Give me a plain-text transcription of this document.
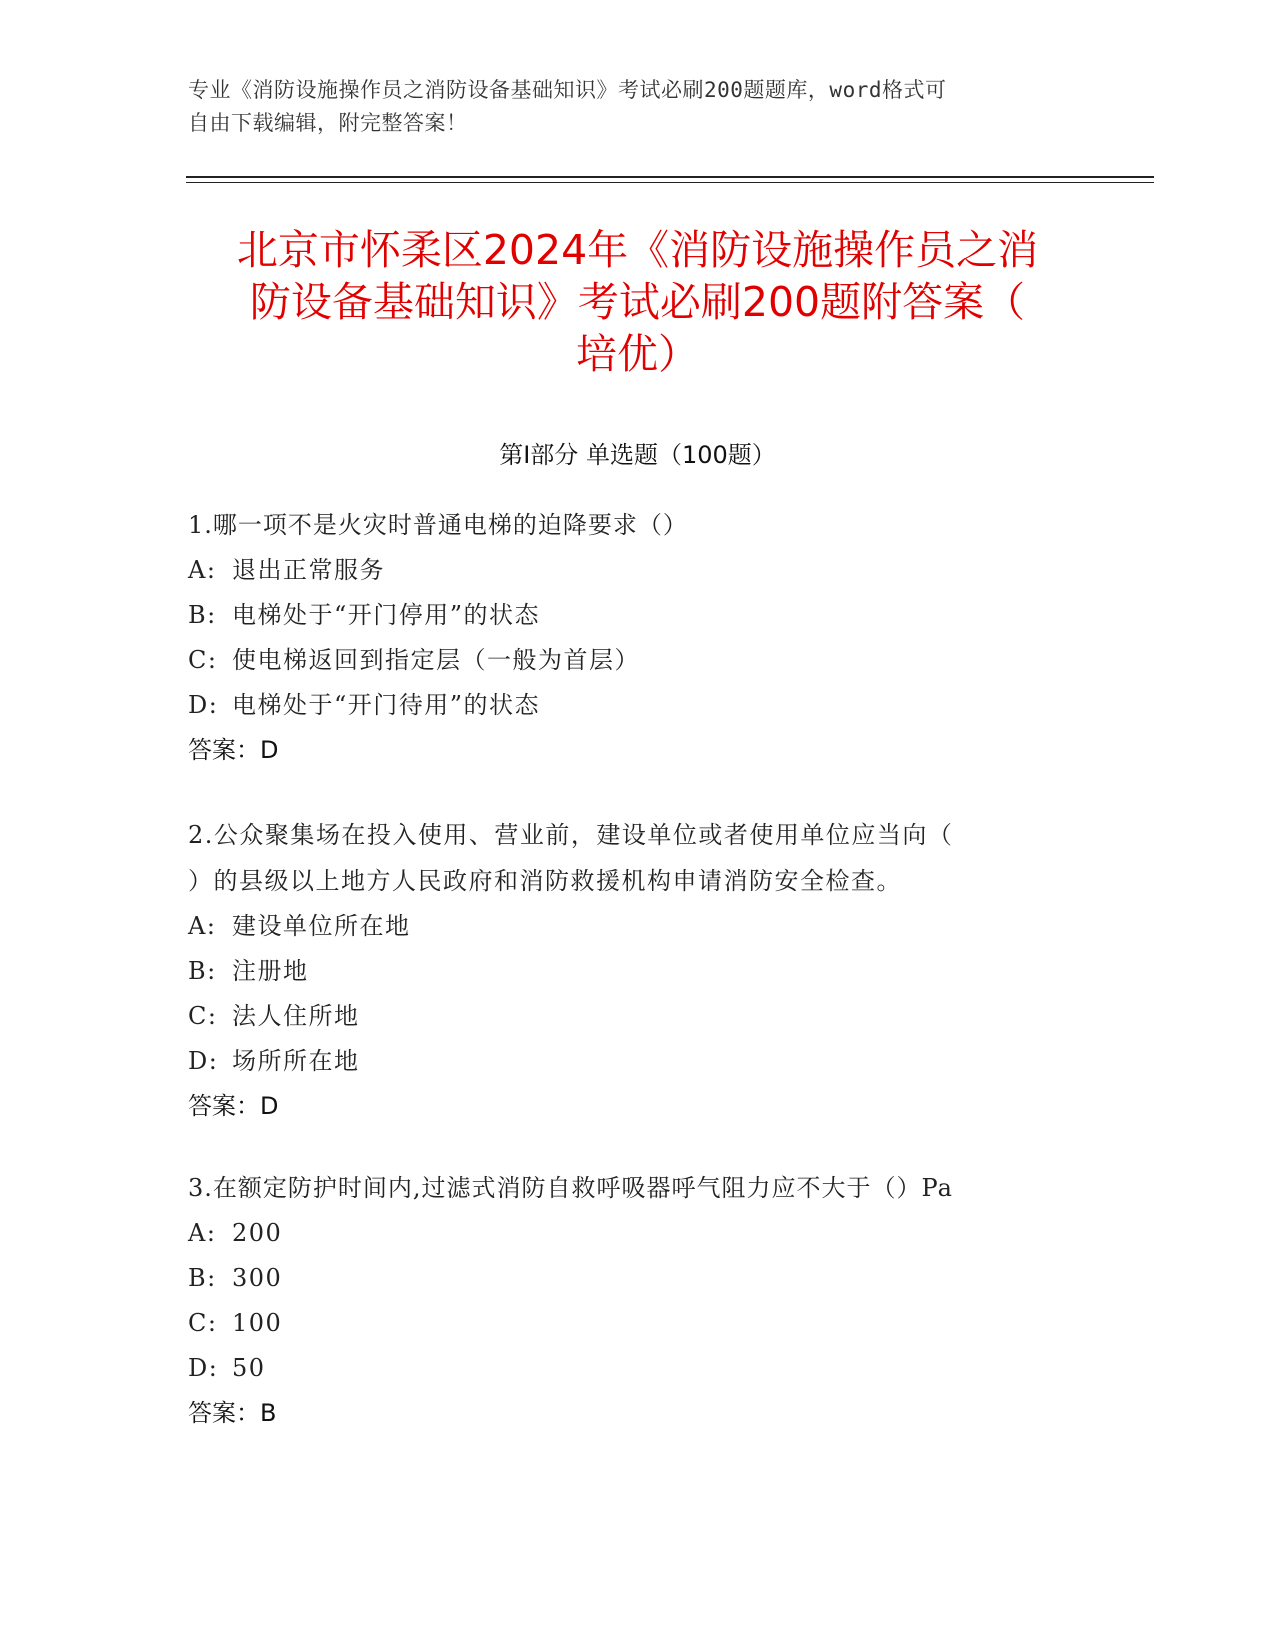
专业《消防设施操作员之消防设备基础知识》考试必刷200题题库，word格式可
自由下载编辑，附完整答案！
北京市怀柔区2024年《消防设施操作员之消
防设备基础知识》考试必刷200题附答案（
培优）
第I部分 单选题（100题）
1.哪一项不是火灾时普通电梯的迫降要求（）
A: 退出正常服务
B: 电梯处于“开门停用”的状态
C: 使电梯返回到指定层（一般为首层）
D: 电梯处于“开门待用”的状态
答案：D
2.公众聚集场在投入使用、营业前，建设单位或者使用单位应当向（
）的县级以上地方人民政府和消防救援机构申请消防安全检查。
A: 建设单位所在地
B: 注册地
C: 法人住所地
D: 场所所在地
答案：D
3.在额定防护时间内,过滤式消防自救呼吸器呼气阻力应不大于（）Pa
A: 200
B: 300
C: 100
D: 50
答案：B
